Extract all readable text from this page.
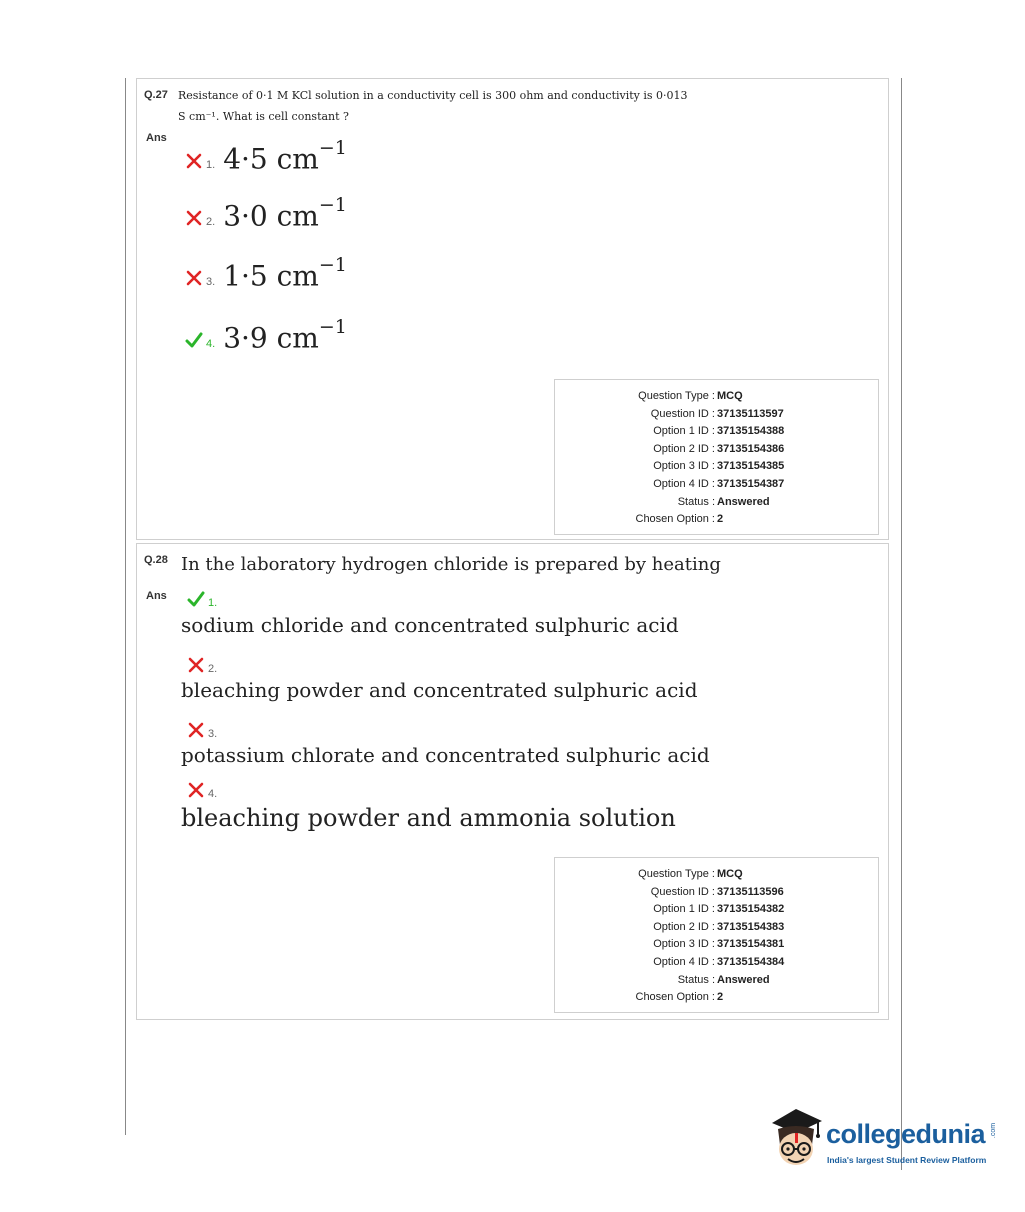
Q.27 Resistance of 0·1 M KCl solution in a conductivity cell is 300 ohm and conductivity is 0·013
S cm⁻¹. What is cell constant ?
Ans
1. 4·5 $cm^{-1}$
2. 3·0 $cm^{-1}$
3. 1·5 $cm^{-1}$
4. 3·9 $cm^{-1}$
Question Type : MCQ
Question ID : 37135113597
Option 1 ID : 37135154388
Option 2 ID : 37135154386
Option 3 ID : 37135154385
Option 4 ID : 37135154387
Status : Answered
Chosen Option : 2
Q.28 In the laboratory hydrogen chloride is prepared by heating
Ans
1.
sodium chloride and concentrated sulphuric acid
2.
bleaching powder and concentrated sulphuric acid
3.
potassium chlorate and concentrated sulphuric acid
4.
bleaching powder and ammonia solution
Question Type : MCQ
Question ID : 37135113596
Option 1 ID : 37135154382
Option 2 ID : 37135154383
Option 3 ID : 37135154381
Option 4 ID : 37135154384
Status : Answered
Chosen Option : 2
collegedunia .com
India's largest Student Review Platform
